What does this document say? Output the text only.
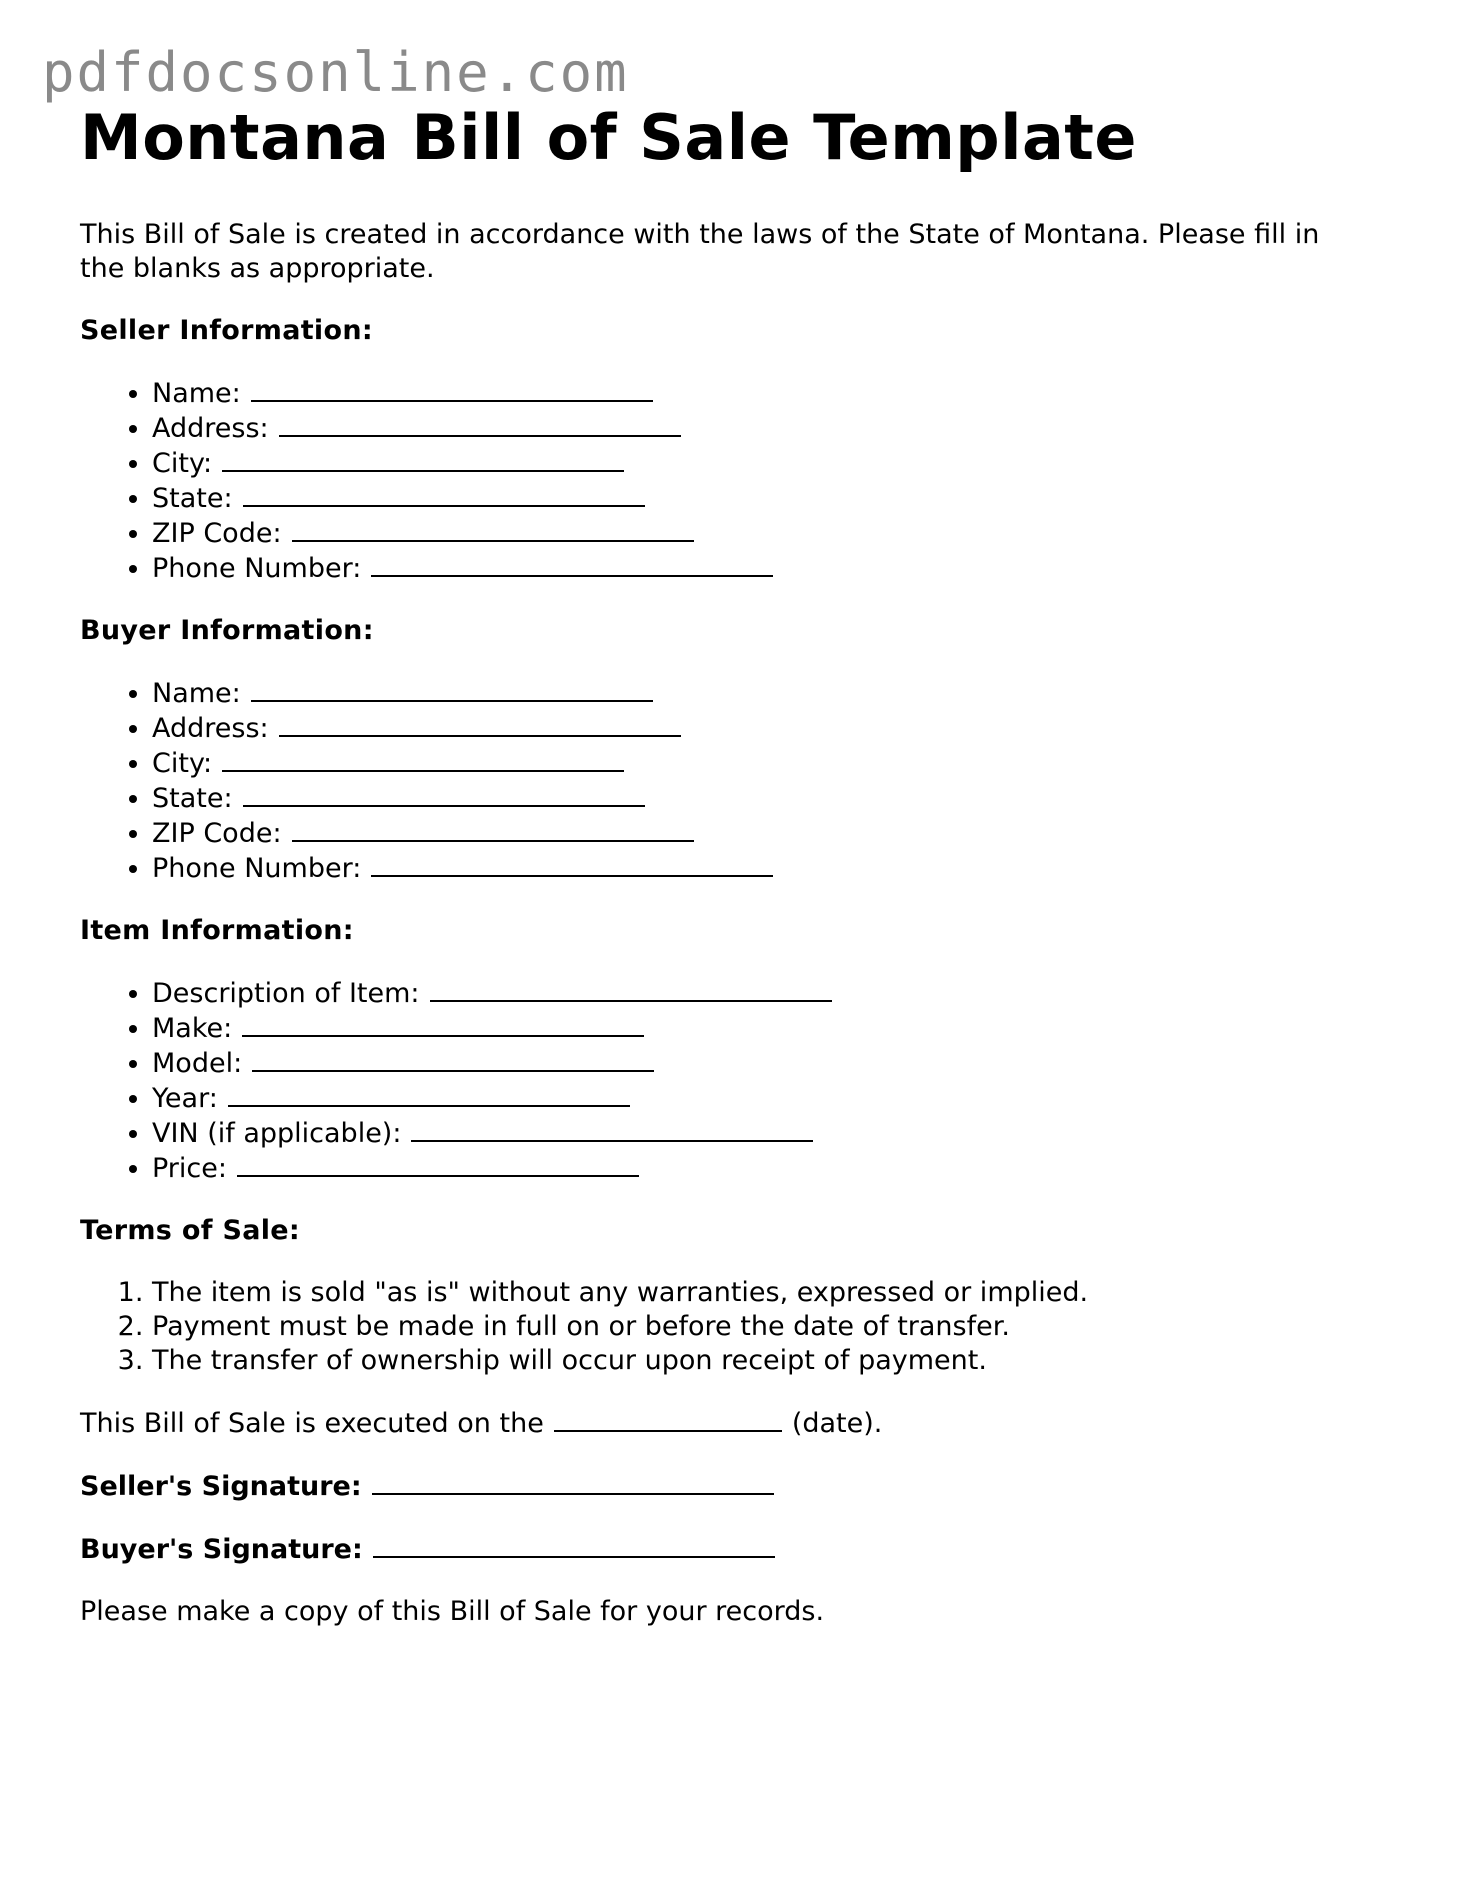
pdfdocsonline.com
Montana Bill of Sale Template

This Bill of Sale is created in accordance with the laws of the State of Montana. Please fill in the blanks as appropriate.

Seller Information:
• Name:
• Address:
• City:
• State:
• ZIP Code:
• Phone Number:
Buyer Information:
• Name:
• Address:
• City:
• State:
• ZIP Code:
• Phone Number:
Item Information:
• Description of Item:
• Make:
• Model:
• Year:
• VIN (if applicable):
• Price:
Terms of Sale:
1. The item is sold "as is" without any warranties, expressed or implied.
2. Payment must be made in full on or before the date of transfer.
3. The transfer of ownership will occur upon receipt of payment.

This Bill of Sale is executed on the	(date).

Seller's Signature:
Buyer's Signature:

Please make a copy of this Bill of Sale for your records.
